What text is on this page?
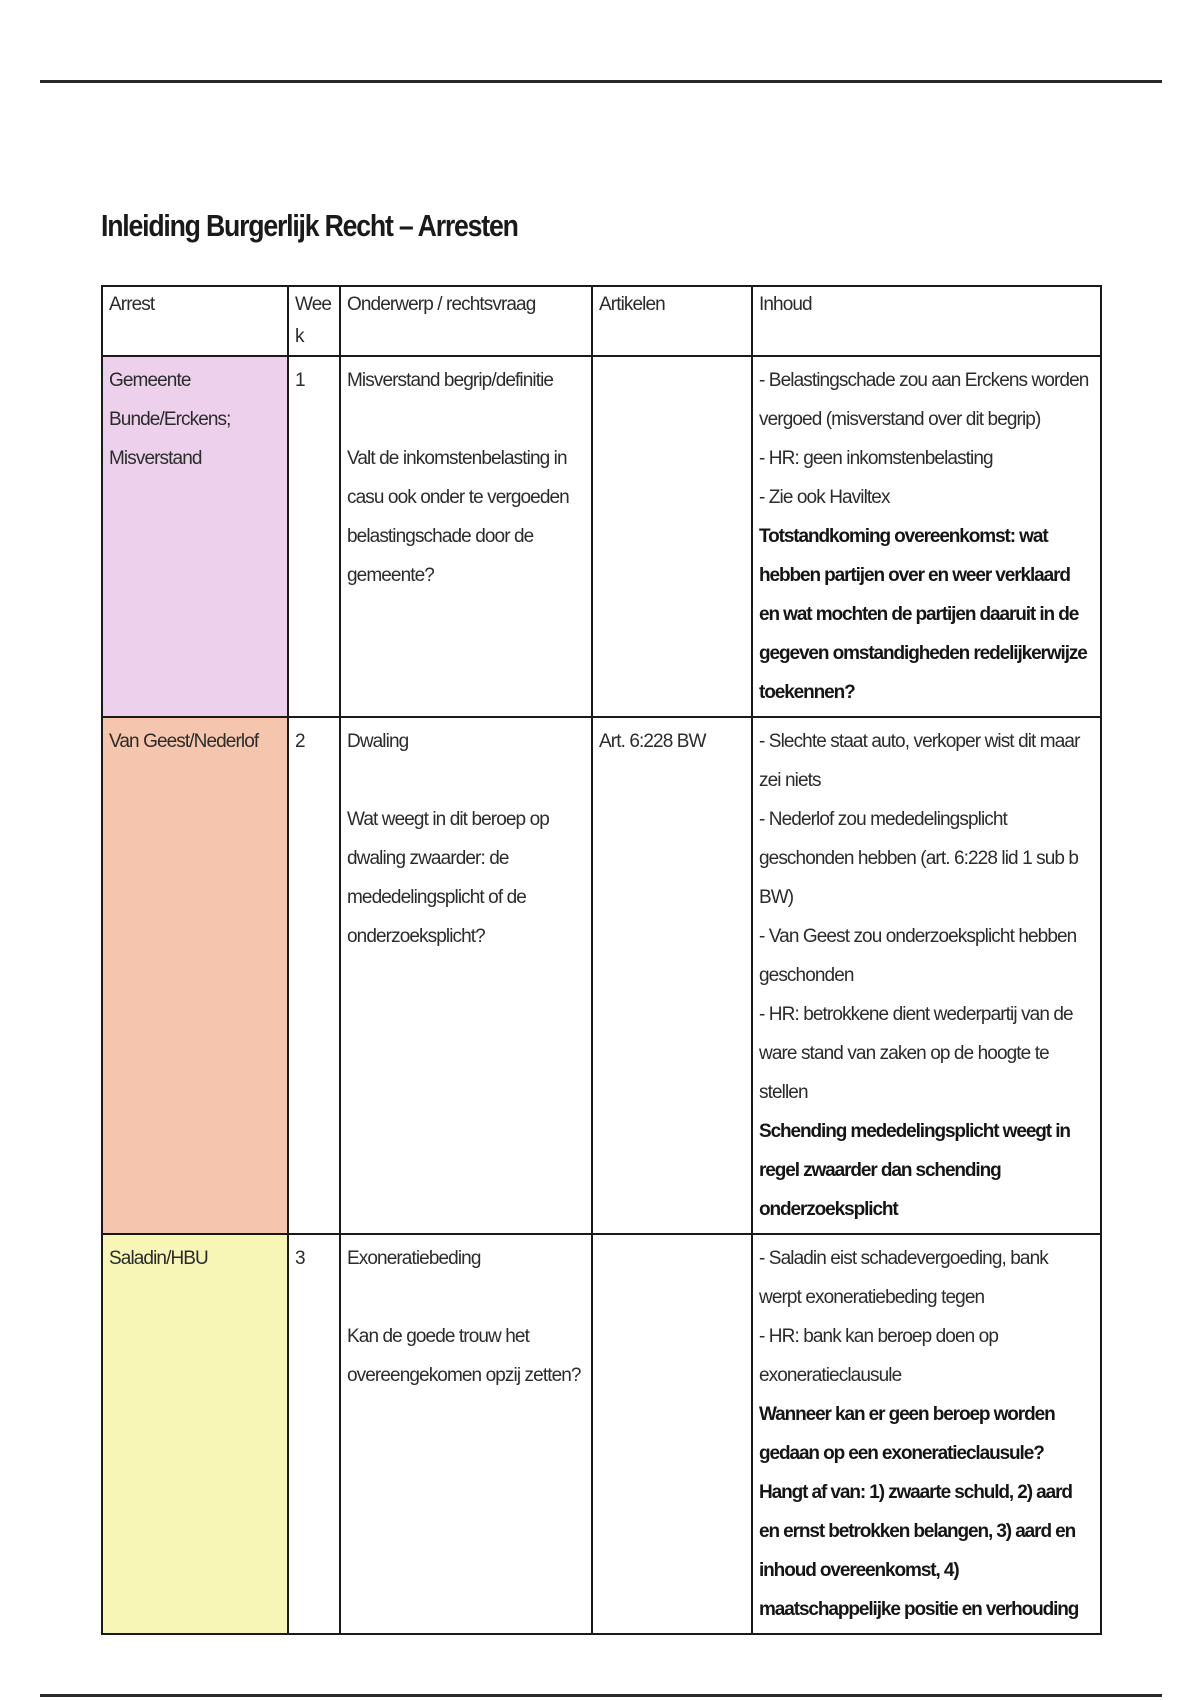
Inleiding Burgerlijk Recht – Arresten
Arrest	Week	Onderwerp / rechtsvraag	Artikelen	Inhoud
Gemeente Bunde/Erckens; Misverstand	1	Misverstand begrip/definitie
Valt de inkomstenbelasting in casu ook onder te vergoeden belastingschade door de gemeente?		- Belastingschade zou aan Erckens worden vergoed (misverstand over dit begrip)
- HR: geen inkomstenbelasting
- Zie ook Haviltex
Totstandkoming overeenkomst: wat hebben partijen over en weer verklaard en wat mochten de partijen daaruit in de gegeven omstandigheden redelijkerwijze toekennen?

Van Geest/Nederlof	2	Dwaling
Wat weegt in dit beroep op dwaling zwaarder: de mededelingsplicht of de onderzoeksplicht?	Art. 6:228 BW	- Slechte staat auto, verkoper wist dit maar zei niets
- Nederlof zou mededelingsplicht geschonden hebben (art. 6:228 lid 1 sub b BW)
- Van Geest zou onderzoeksplicht hebben geschonden
- HR: betrokkene dient wederpartij van de ware stand van zaken op de hoogte te stellen
Schending mededelingsplicht weegt in regel zwaarder dan schending onderzoeksplicht

Saladin/HBU	3	Exoneratiebeding
Kan de goede trouw het overeengekomen opzij zetten?		- Saladin eist schadevergoeding, bank werpt exoneratiebeding tegen
- HR: bank kan beroep doen op exoneratieclausule
Wanneer kan er geen beroep worden gedaan op een exoneratieclausule? Hangt af van: 1) zwaarte schuld, 2) aard en ernst betrokken belangen, 3) aard en inhoud overeenkomst, 4) maatschappelijke positie en verhouding
